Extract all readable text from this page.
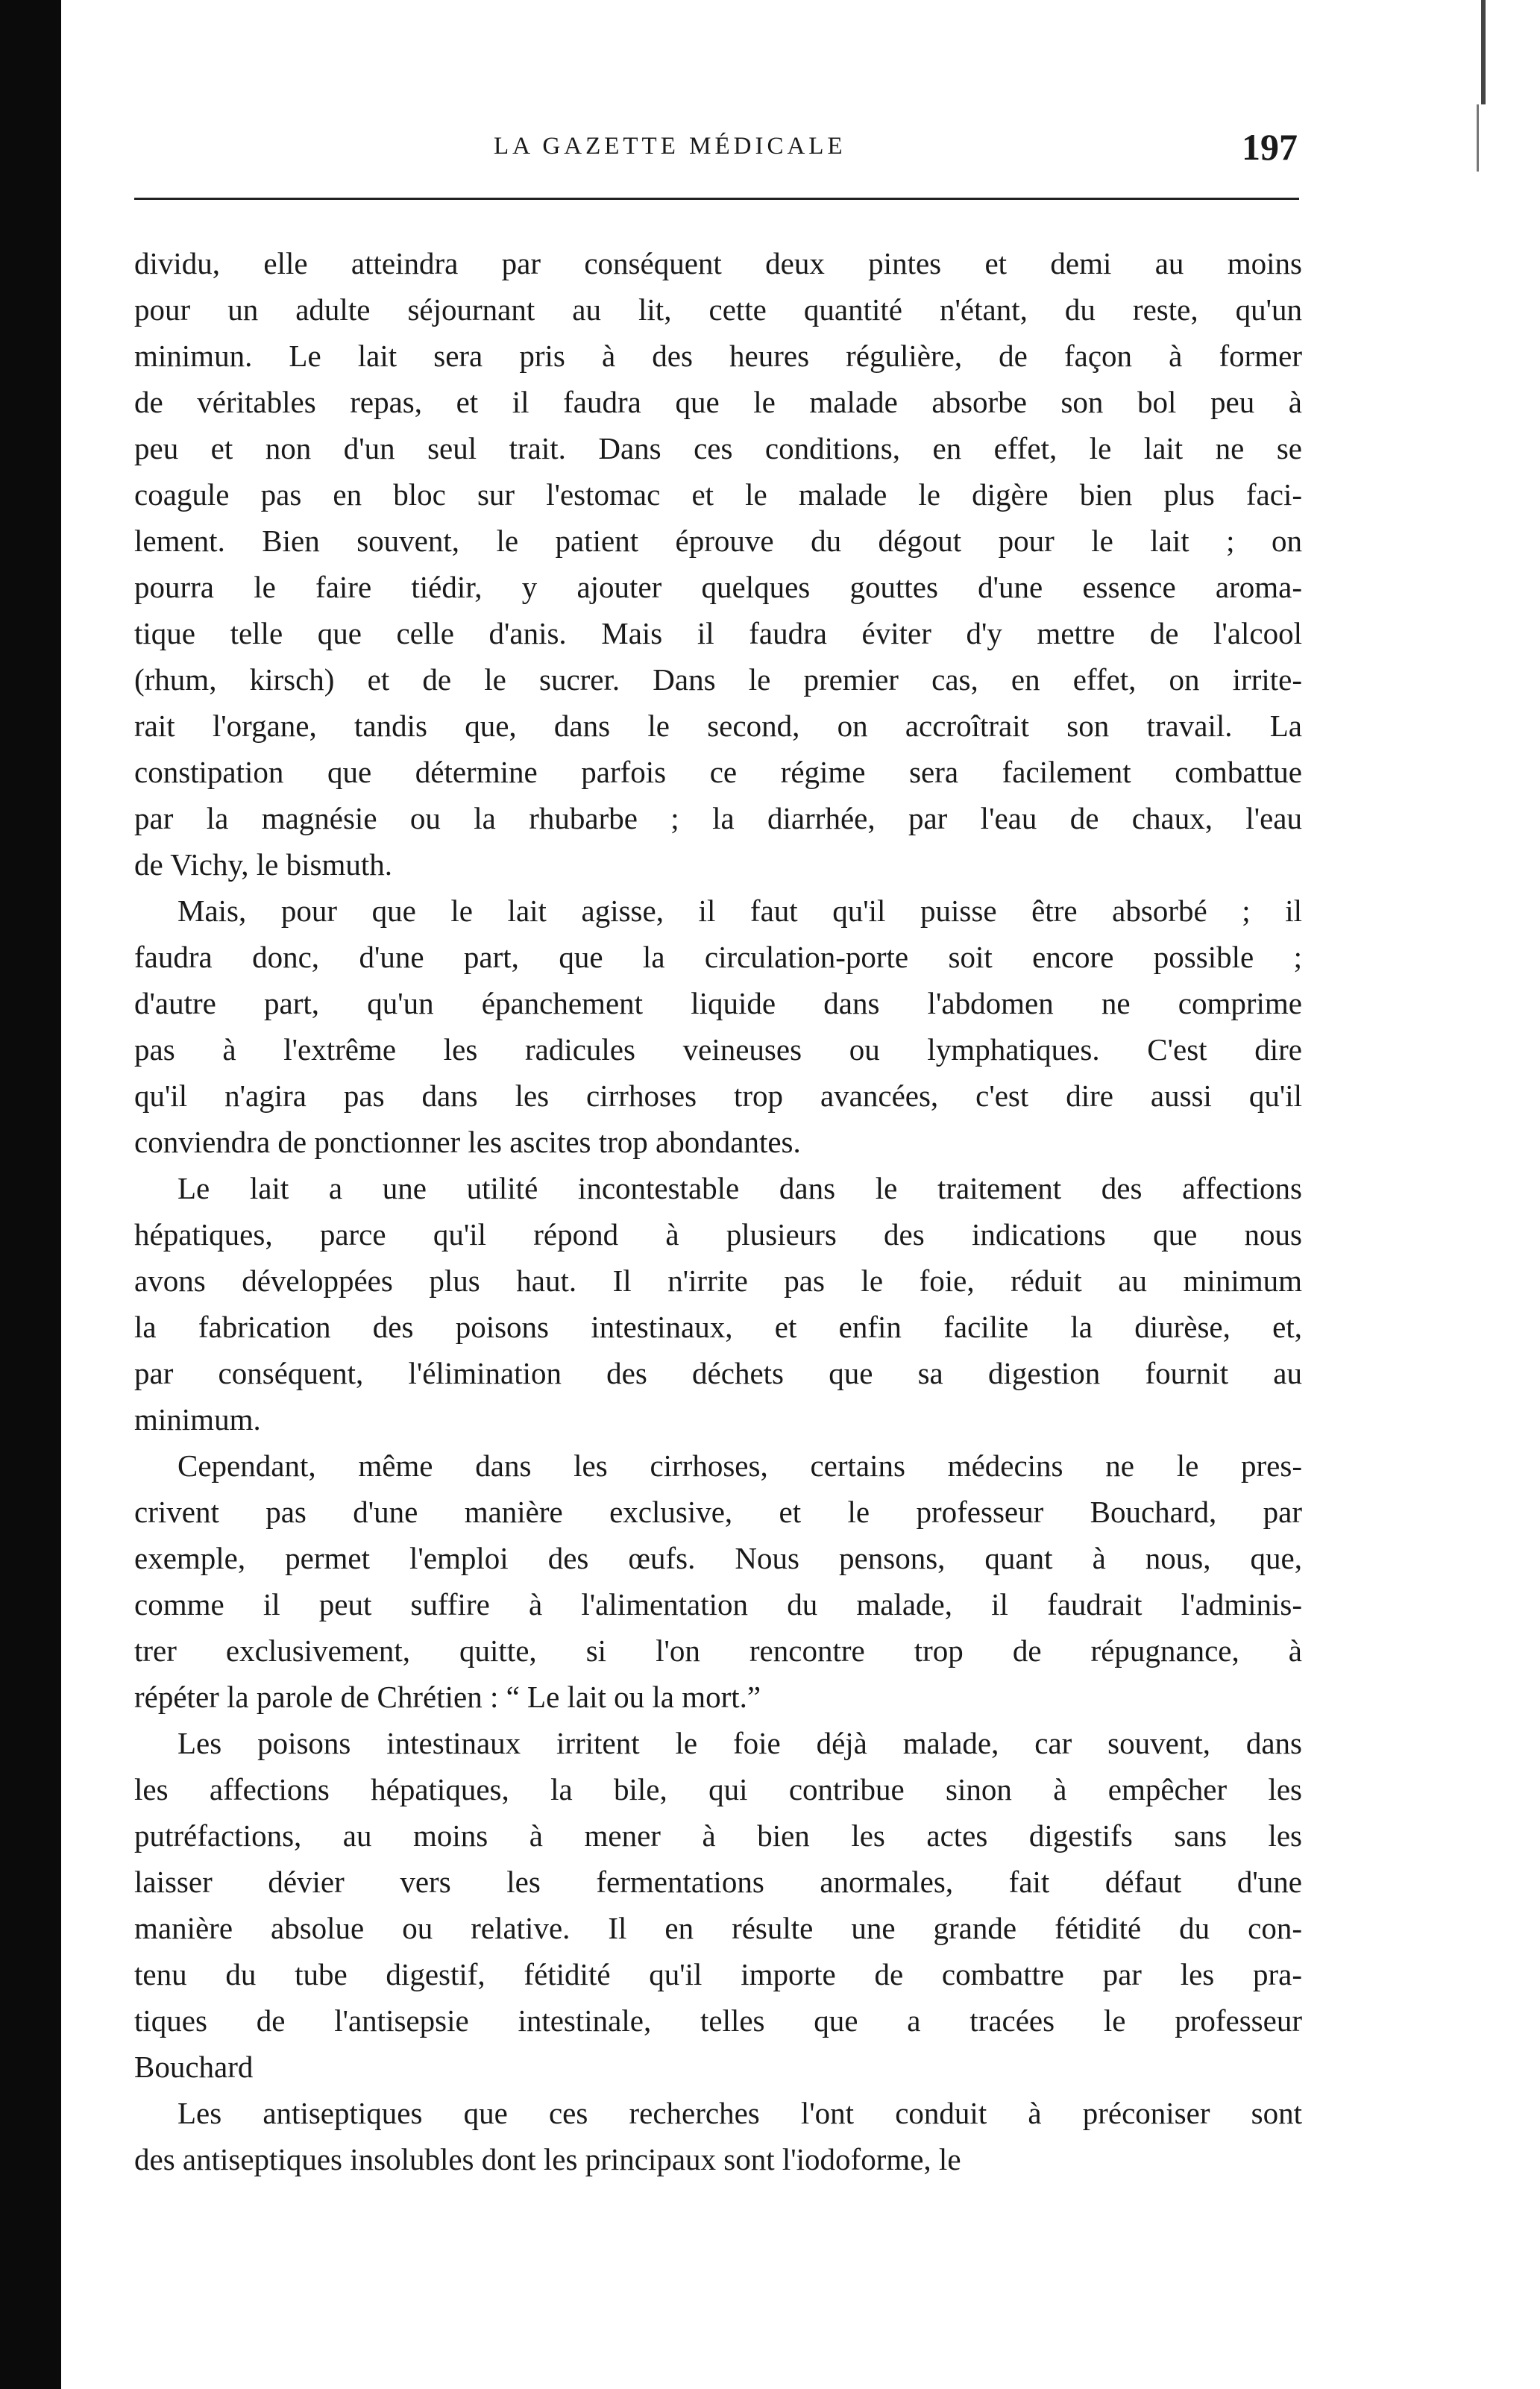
LA GAZETTE MÉDICALE	197
dividu, elle atteindra par conséquent deux pintes et demi au moins
pour un adulte séjournant au lit, cette quantité n'étant, du reste, qu'un
minimun. Le lait sera pris à des heures régulière, de façon à former
de véritables repas, et il faudra que le malade absorbe son bol peu à
peu et non d'un seul trait. Dans ces conditions, en effet, le lait ne se
coagule pas en bloc sur l'estomac et le malade le digère bien plus faci-
lement. Bien souvent, le patient éprouve du dégout pour le lait ; on
pourra le faire tiédir, y ajouter quelques gouttes d'une essence aroma-
tique telle que celle d'anis. Mais il faudra éviter d'y mettre de l'alcool
(rhum, kirsch) et de le sucrer. Dans le premier cas, en effet, on irrite-
rait l'organe, tandis que, dans le second, on accroîtrait son travail. La
constipation que détermine parfois ce régime sera facilement combattue
par la magnésie ou la rhubarbe ; la diarrhée, par l'eau de chaux, l'eau
de Vichy, le bismuth.
Mais, pour que le lait agisse, il faut qu'il puisse être absorbé ; il
faudra donc, d'une part, que la circulation-porte soit encore possible ;
d'autre part, qu'un épanchement liquide dans l'abdomen ne comprime
pas à l'extrême les radicules veineuses ou lymphatiques. C'est dire
qu'il n'agira pas dans les cirrhoses trop avancées, c'est dire aussi qu'il
conviendra de ponctionner les ascites trop abondantes.
Le lait a une utilité incontestable dans le traitement des affections
hépatiques, parce qu'il répond à plusieurs des indications que nous
avons développées plus haut. Il n'irrite pas le foie, réduit au minimum
la fabrication des poisons intestinaux, et enfin facilite la diurèse, et,
par conséquent, l'élimination des déchets que sa digestion fournit au
minimum.
Cependant, même dans les cirrhoses, certains médecins ne le pres-
crivent pas d'une manière exclusive, et le professeur Bouchard, par
exemple, permet l'emploi des œufs. Nous pensons, quant à nous, que,
comme il peut suffire à l'alimentation du malade, il faudrait l'adminis-
trer exclusivement, quitte, si l'on rencontre trop de répugnance, à
répéter la parole de Chrétien : “ Le lait ou la mort.”
Les poisons intestinaux irritent le foie déjà malade, car souvent, dans
les affections hépatiques, la bile, qui contribue sinon à empêcher les
putréfactions, au moins à mener à bien les actes digestifs sans les
laisser dévier vers les fermentations anormales, fait défaut d'une
manière absolue ou relative. Il en résulte une grande fétidité du con-
tenu du tube digestif, fétidité qu'il importe de combattre par les pra-
tiques de l'antisepsie intestinale, telles que a tracées le professeur
Bouchard
Les antiseptiques que ces recherches l'ont conduit à préconiser sont
des antiseptiques insolubles dont les principaux sont l'iodoforme, le
